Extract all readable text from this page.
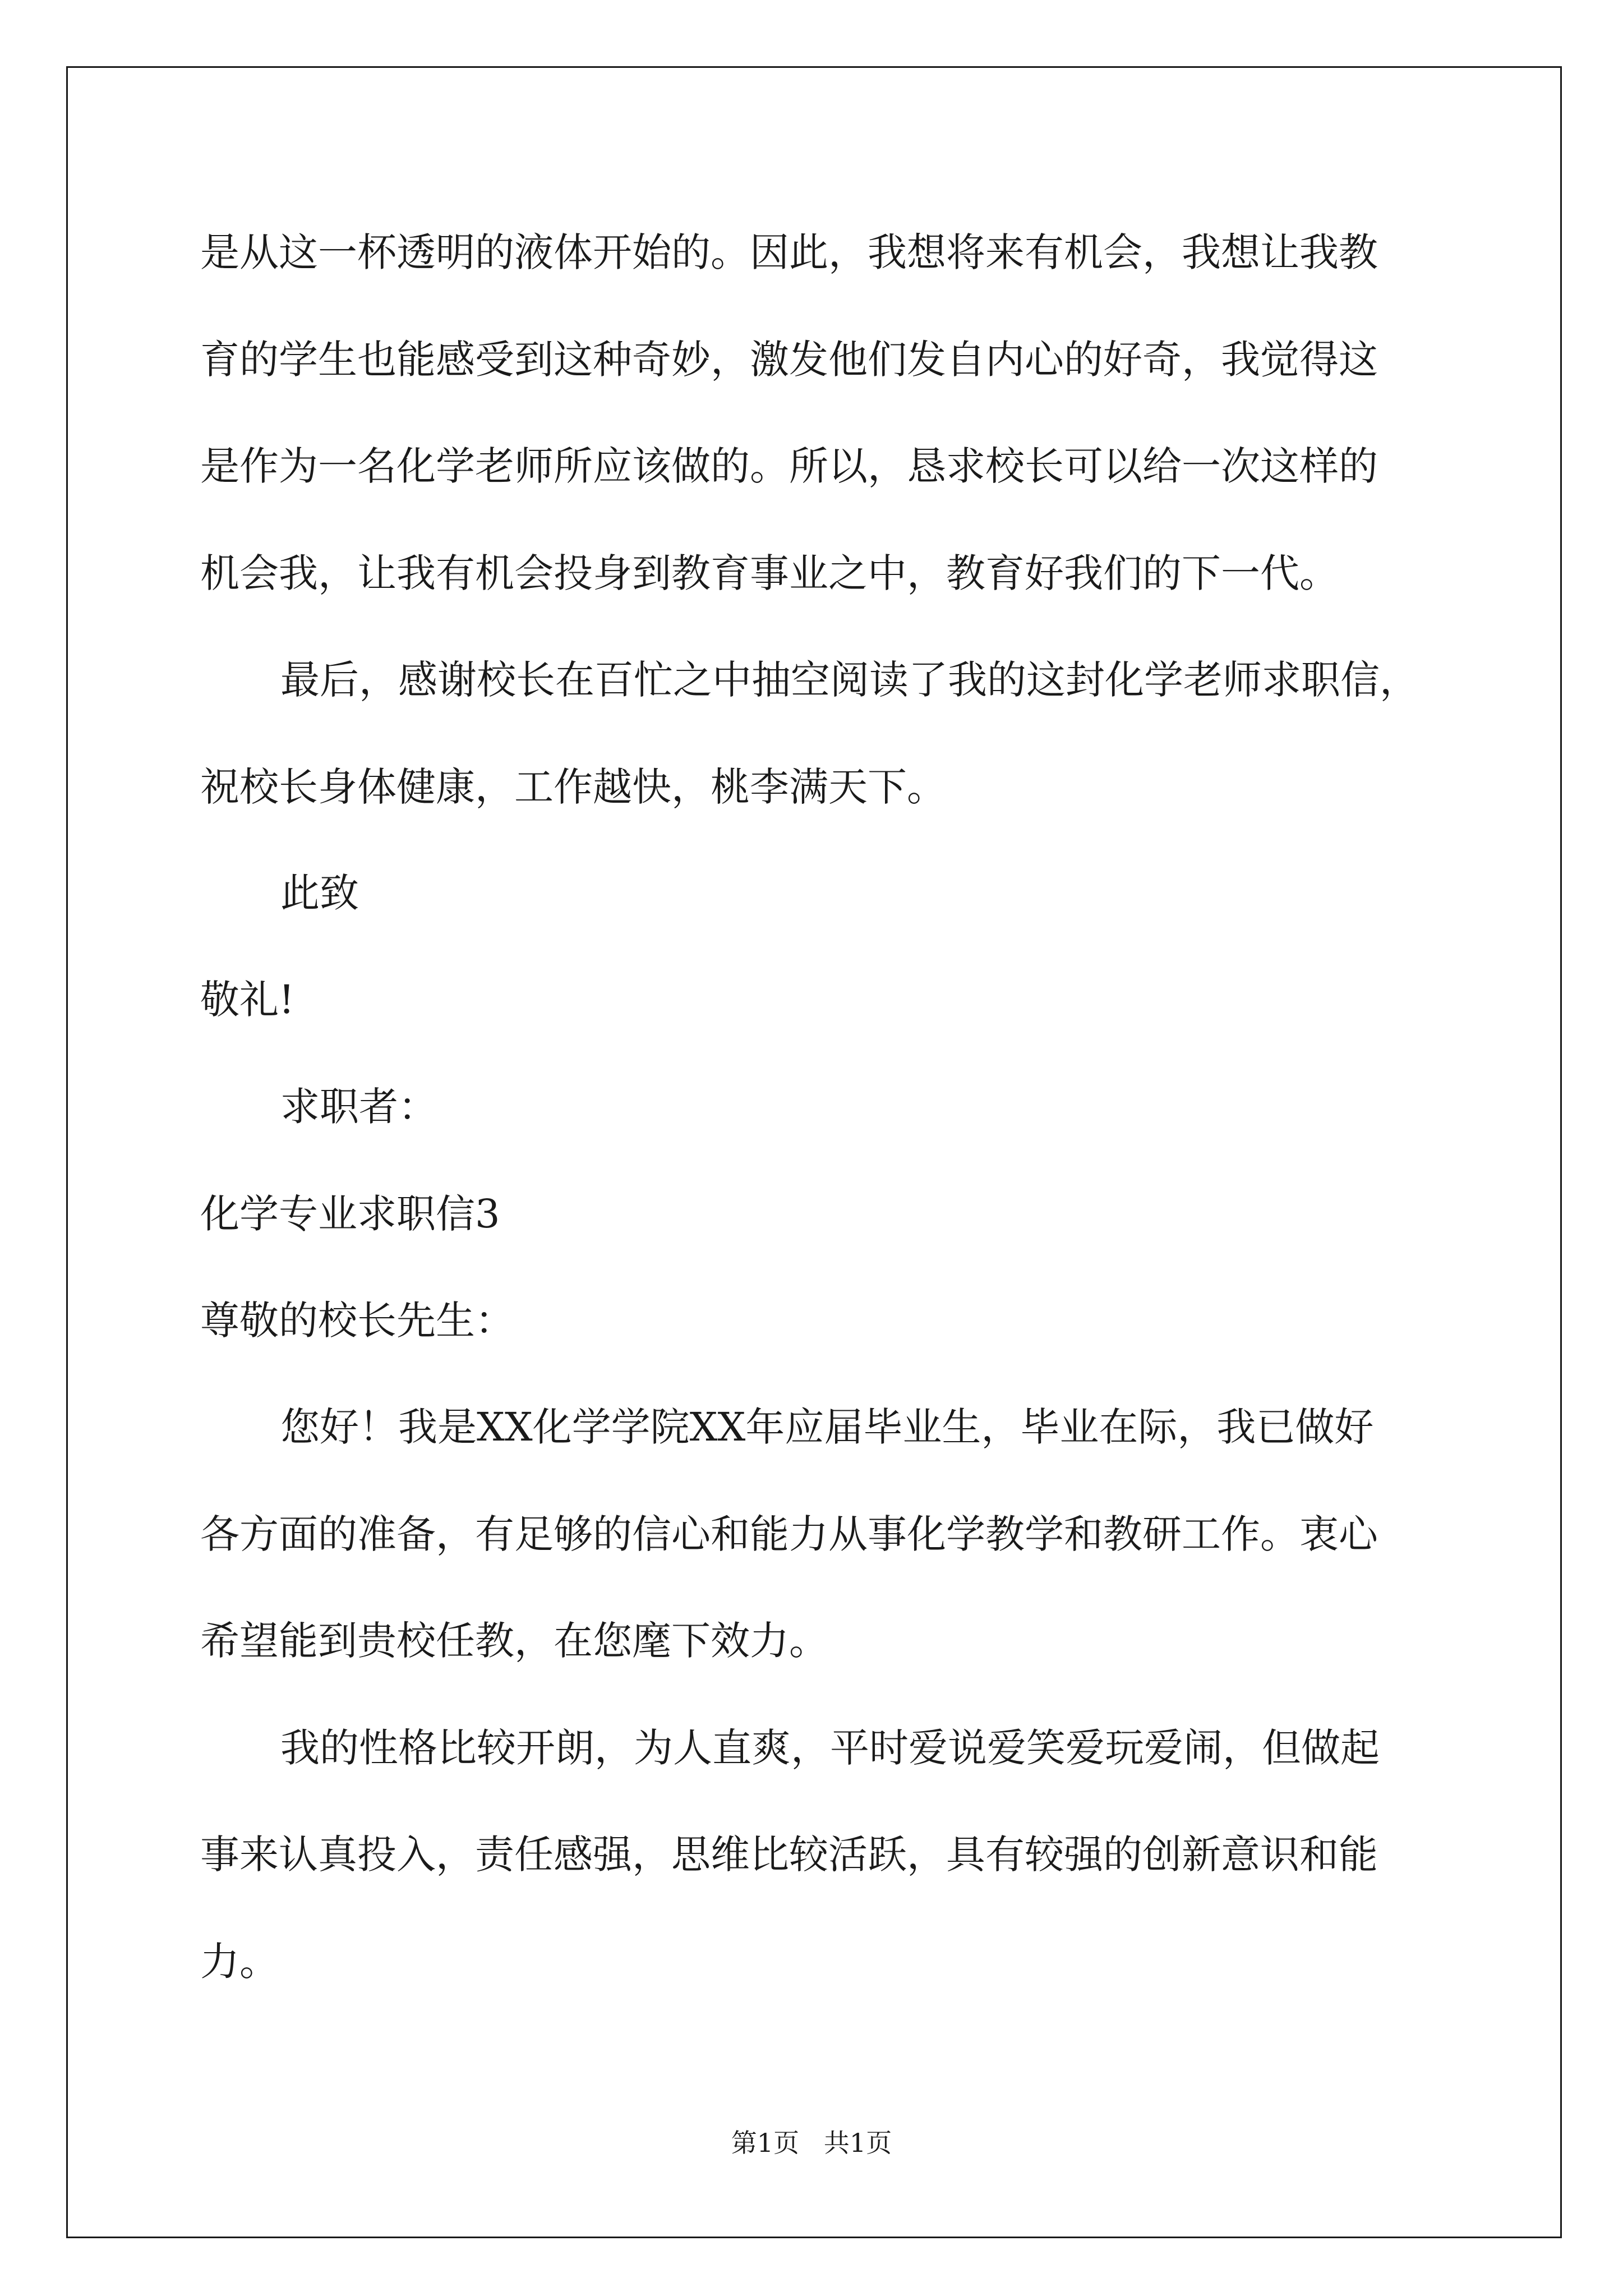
是从这一杯透明的液体开始的。因此，我想将来有机会，我想让我教

育的学生也能感受到这种奇妙，激发他们发自内心的好奇，我觉得这

是作为一名化学老师所应该做的。所以，恳求校长可以给一次这样的

机会我，让我有机会投身到教育事业之中，教育好我们的下一代。

最后，感谢校长在百忙之中抽空阅读了我的这封化学老师求职信，

祝校长身体健康，工作越快，桃李满天下。

此致

敬礼!

求职者：

化学专业求职信3

尊敬的校长先生：

您好！我是XX化学学院XX年应届毕业生，毕业在际，我已做好

各方面的准备，有足够的信心和能力从事化学教学和教研工作。衷心

希望能到贵校任教，在您麾下效力。

我的性格比较开朗，为人直爽，平时爱说爱笑爱玩爱闹，但做起

事来认真投入，责任感强，思维比较活跃，具有较强的创新意识和能

力。

第1页   共1页
